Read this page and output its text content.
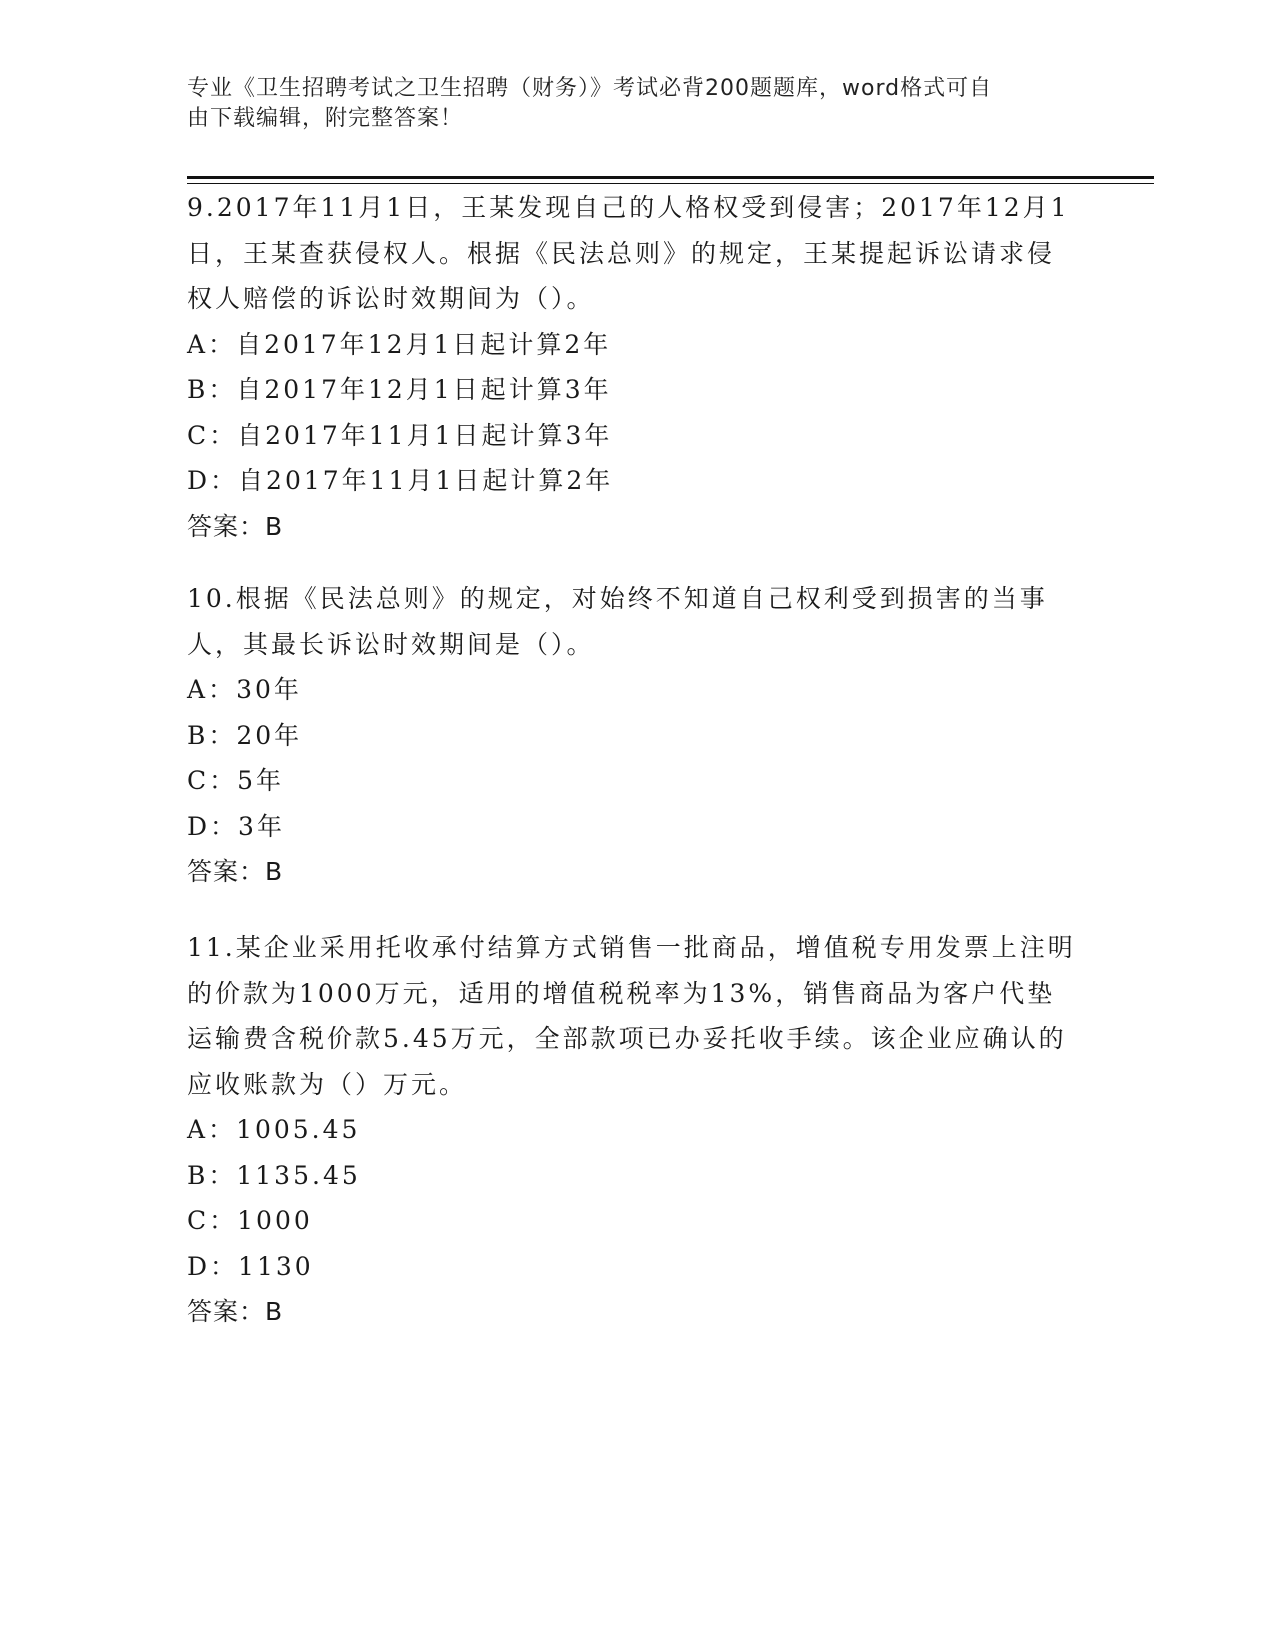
专业《卫生招聘考试之卫生招聘（财务）》考试必背200题题库，word格式可自
由下载编辑，附完整答案！

9.2017年11月1日，王某发现自己的人格权受到侵害；2017年12月1日，王某查获侵权人。根据《民法总则》的规定，王某提起诉讼请求侵权人赔偿的诉讼时效期间为（）。

A：自2017年12月1日起计算2年

B：自2017年12月1日起计算3年

C：自2017年11月1日起计算3年

D：自2017年11月1日起计算2年

答案：B

10.根据《民法总则》的规定，对始终不知道自己权利受到损害的当事人，其最长诉讼时效期间是（）。

A：30年

B：20年

C：5年

D：3年

答案：B

11.某企业采用托收承付结算方式销售一批商品，增值税专用发票上注明的价款为1000万元，适用的增值税税率为13%，销售商品为客户代垫运输费含税价款5.45万元，全部款项已办妥托收手续。该企业应确认的应收账款为（）万元。

A：1005.45

B：1135.45

C：1000

D：1130

答案：B
